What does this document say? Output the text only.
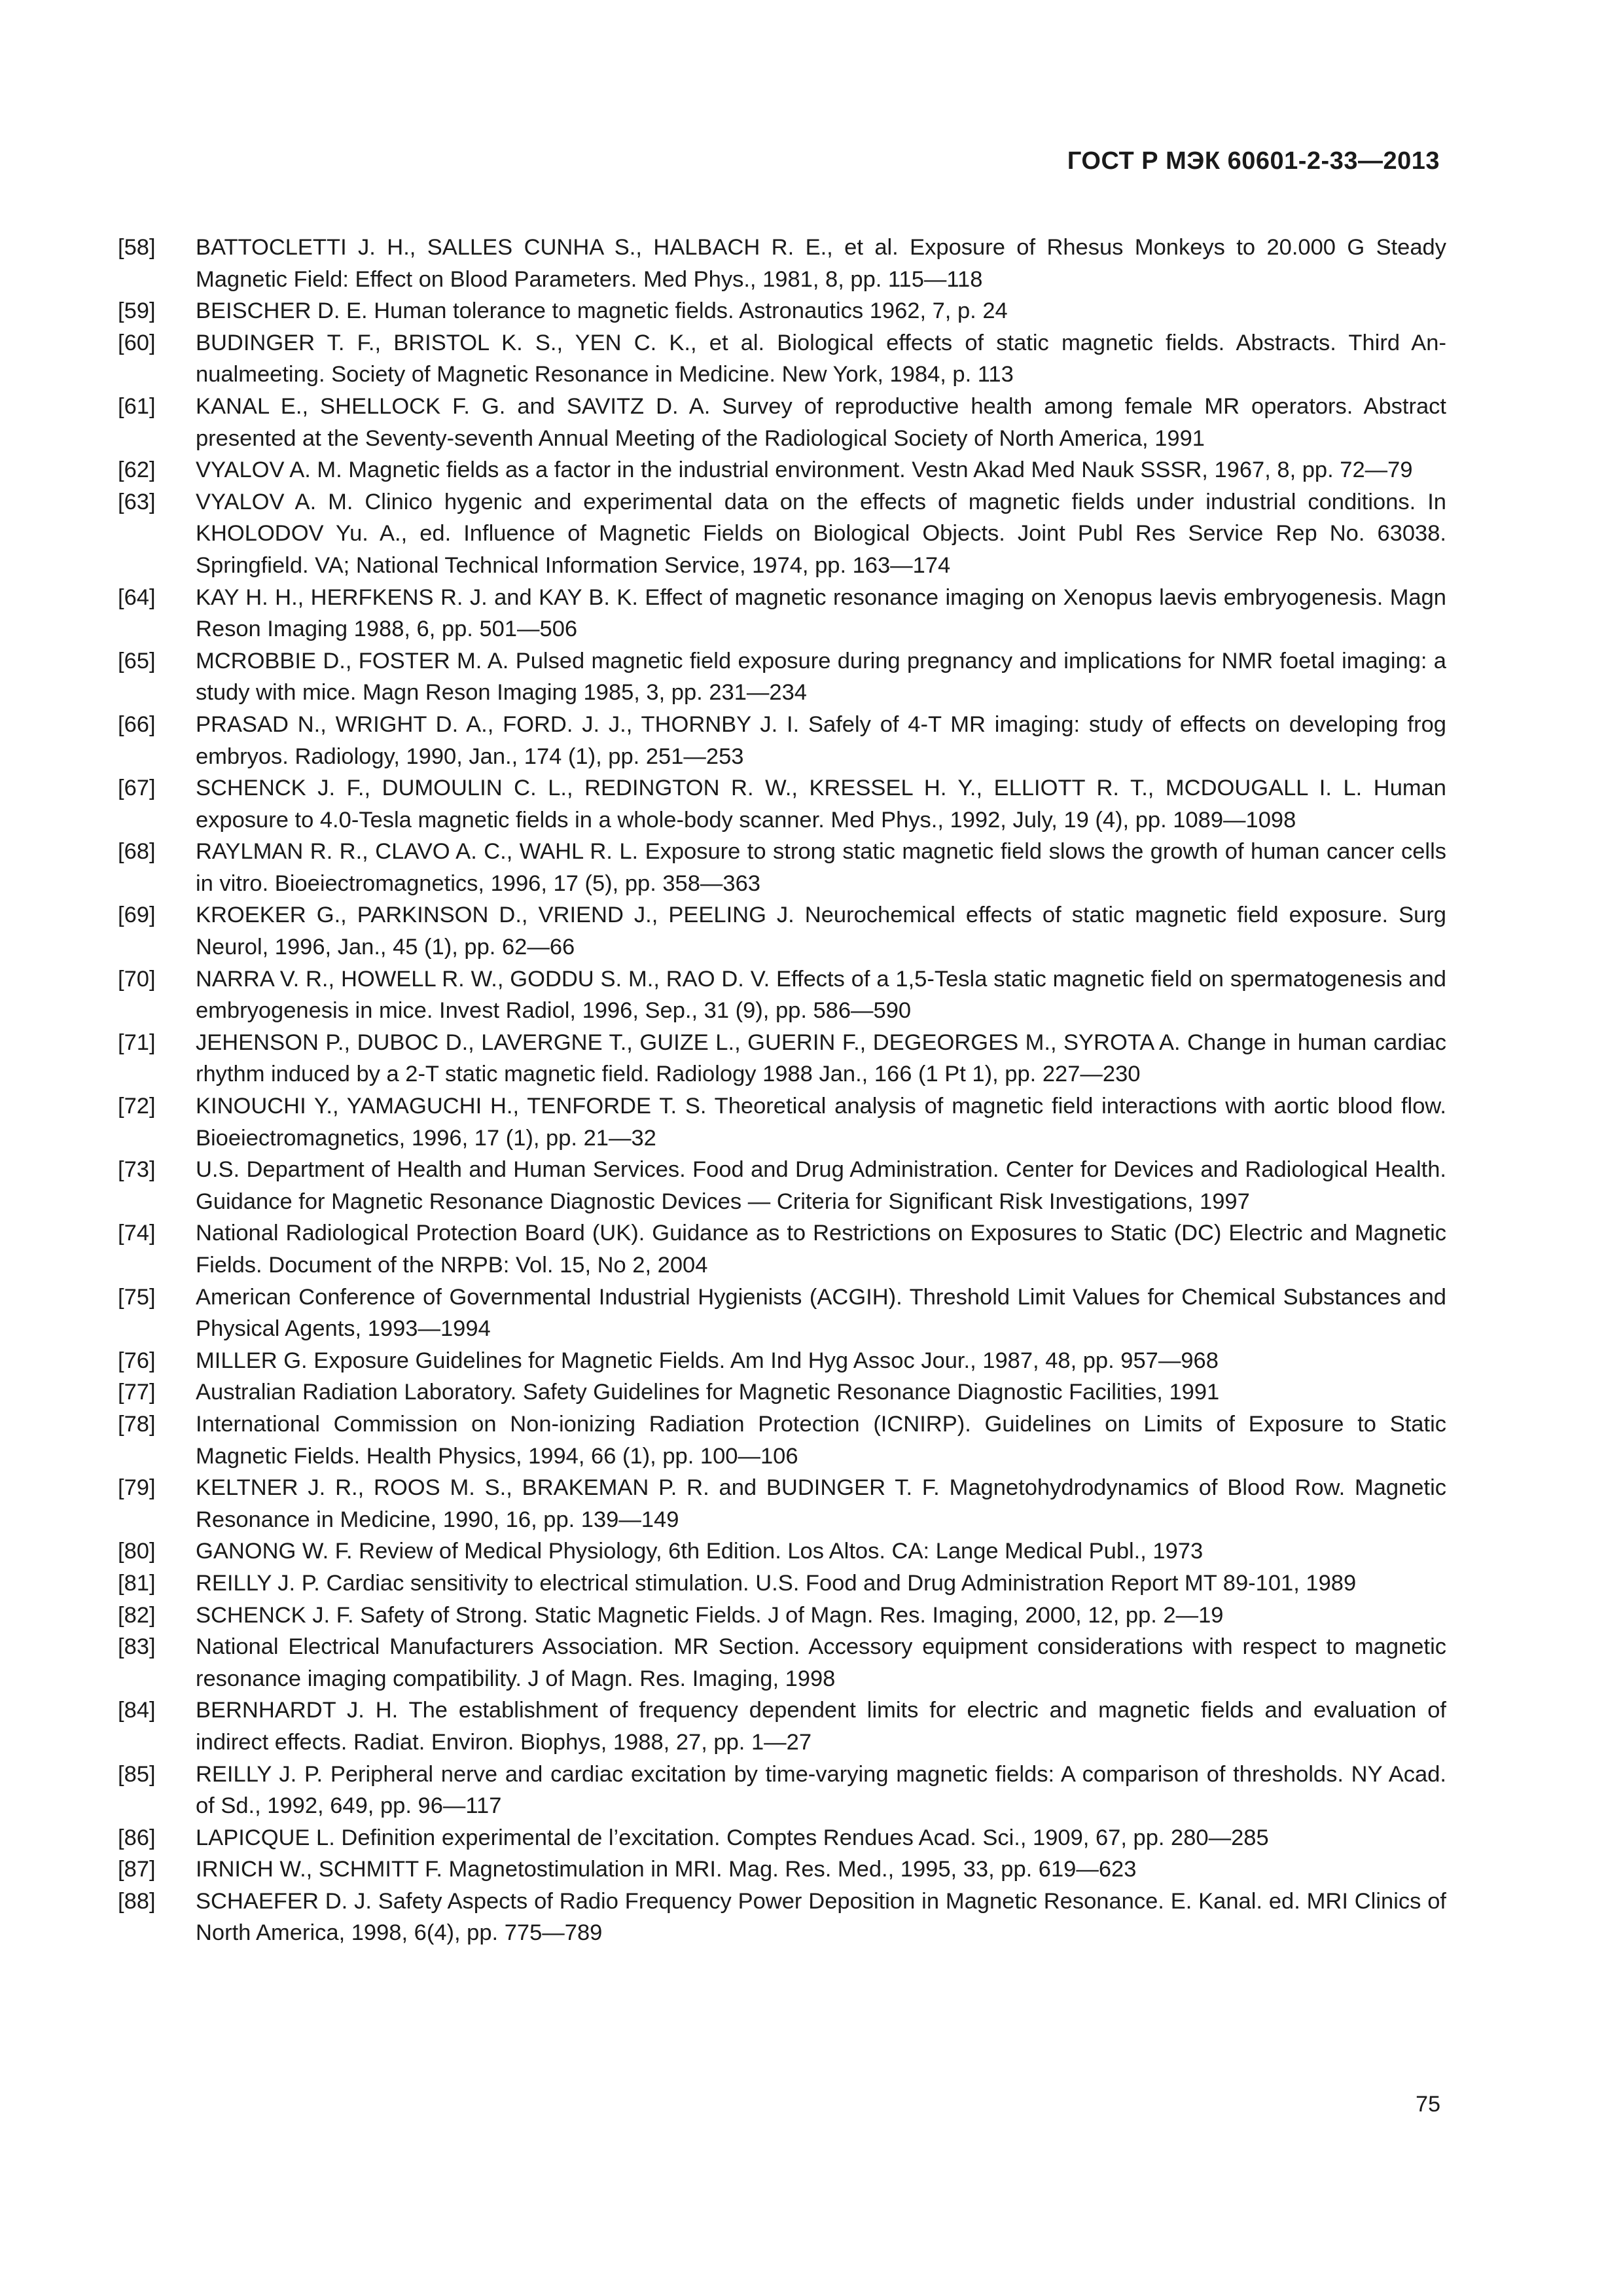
ГОСТ Р МЭК 60601-2-33—2013
[58] BATTOCLETTI J. H., SALLES CUNHA S., HALBACH R. E., et al. Exposure of Rhesus Monkeys to 20.000 G Steady Magnetic Field: Effect on Blood Parameters. Med Phys., 1981, 8, pp. 115—118
[59] BEISCHER D. E. Human tolerance to magnetic fields. Astronautics 1962, 7, p. 24
[60] BUDINGER T. F., BRISTOL K. S., YEN C. K., et al. Biological effects of static magnetic fields. Abstracts. Third Annualmeeting. Society of Magnetic Resonance in Medicine. New York, 1984, p. 113
[61] KANAL E., SHELLOCK F. G. and SAVITZ D. A. Survey of reproductive health among female MR operators. Abstract presented at the Seventy-seventh Annual Meeting of the Radiological Society of North America, 1991
[62] VYALOV A. M. Magnetic fields as a factor in the industrial environment. Vestn Akad Med Nauk SSSR, 1967, 8, pp. 72—79
[63] VYALOV A. M. Clinico hygenic and experimental data on the effects of magnetic fields under industrial conditions. In KHOLODOV Yu. A., ed. Influence of Magnetic Fields on Biological Objects. Joint Publ Res Service Rep No. 63038. Springfield. VA; National Technical Information Service, 1974, pp. 163—174
[64] KAY H. H., HERFKENS R. J. and KAY B. K. Effect of magnetic resonance imaging on Xenopus laevis embryogenesis. Magn Reson Imaging 1988, 6, pp. 501—506
[65] MCROBBIE D., FOSTER M. A. Pulsed magnetic field exposure during pregnancy and implications for NMR foetal imaging: a study with mice. Magn Reson Imaging 1985, 3, pp. 231—234
[66] PRASAD N., WRIGHT D. A., FORD. J. J., THORNBY J. I. Safely of 4-T MR imaging: study of effects on developing frog embryos. Radiology, 1990, Jan., 174 (1), pp. 251—253
[67] SCHENCK J. F., DUMOULIN C. L., REDINGTON R. W., KRESSEL H. Y., ELLIOTT R. T., MCDOUGALL I. L. Human exposure to 4.0-Tesla magnetic fields in a whole-body scanner. Med Phys., 1992, July, 19 (4), pp. 1089—1098
[68] RAYLMAN R. R., CLAVO A. C., WAHL R. L. Exposure to strong static magnetic field slows the growth of human cancer cells in vitro. Bioeiectromagnetics, 1996, 17 (5), pp. 358—363
[69] KROEKER G., PARKINSON D., VRIEND J., PEELING J. Neurochemical effects of static magnetic field exposure. Surg Neurol, 1996, Jan., 45 (1), pp. 62—66
[70] NARRA V. R., HOWELL R. W., GODDU S. M., RAO D. V. Effects of a 1,5-Tesla static magnetic field on spermatogenesis and embryogenesis in mice. Invest Radiol, 1996, Sep., 31 (9), pp. 586—590
[71] JEHENSON P., DUBOC D., LAVERGNE T., GUIZE L., GUERIN F., DEGEORGES M., SYROTA A. Change in human cardiac rhythm induced by a 2-T static magnetic field. Radiology 1988 Jan., 166 (1 Pt 1), pp. 227—230
[72] KINOUCHI Y., YAMAGUCHI H., TENFORDE T. S. Theoretical analysis of magnetic field interactions with aortic blood flow. Bioeiectromagnetics, 1996, 17 (1), pp. 21—32
[73] U.S. Department of Health and Human Services. Food and Drug Administration. Center for Devices and Radiological Health. Guidance for Magnetic Resonance Diagnostic Devices — Criteria for Significant Risk Investigations, 1997
[74] National Radiological Protection Board (UK). Guidance as to Restrictions on Exposures to Static (DC) Electric and Magnetic Fields. Document of the NRPB: Vol. 15, No 2, 2004
[75] American Conference of Governmental Industrial Hygienists (ACGIH). Threshold Limit Values for Chemical Substances and Physical Agents, 1993—1994
[76] MILLER G. Exposure Guidelines for Magnetic Fields. Am Ind Hyg Assoc Jour., 1987, 48, pp. 957—968
[77] Australian Radiation Laboratory. Safety Guidelines for Magnetic Resonance Diagnostic Facilities, 1991
[78] International Commission on Non-ionizing Radiation Protection (ICNIRP). Guidelines on Limits of Exposure to Static Magnetic Fields. Health Physics, 1994, 66 (1), pp. 100—106
[79] KELTNER J. R., ROOS M. S., BRAKEMAN P. R. and BUDINGER T. F. Magnetohydrodynamics of Blood Row. Magnetic Resonance in Medicine, 1990, 16, pp. 139—149
[80] GANONG W. F. Review of Medical Physiology, 6th Edition. Los Altos. CA: Lange Medical Publ., 1973
[81] REILLY J. P. Cardiac sensitivity to electrical stimulation. U.S. Food and Drug Administration Report MT 89-101, 1989
[82] SCHENCK J. F. Safety of Strong. Static Magnetic Fields. J of Magn. Res. Imaging, 2000, 12, pp. 2—19
[83] National Electrical Manufacturers Association. MR Section. Accessory equipment considerations with respect to magnetic resonance imaging compatibility. J of Magn. Res. Imaging, 1998
[84] BERNHARDT J. H. The establishment of frequency dependent limits for electric and magnetic fields and evaluation of indirect effects. Radiat. Environ. Biophys, 1988, 27, pp. 1—27
[85] REILLY J. P. Peripheral nerve and cardiac excitation by time-varying magnetic fields: A comparison of thresholds. NY Acad. of Sd., 1992, 649, pp. 96—117
[86] LAPICQUE L. Definition experimental de l’excitation. Comptes Rendues Acad. Sci., 1909, 67, pp. 280—285
[87] IRNICH W., SCHMITT F. Magnetostimulation in MRI. Mag. Res. Med., 1995, 33, pp. 619—623
[88] SCHAEFER D. J. Safety Aspects of Radio Frequency Power Deposition in Magnetic Resonance. E. Kanal. ed. MRI Clinics of North America, 1998, 6(4), pp. 775—789
75
